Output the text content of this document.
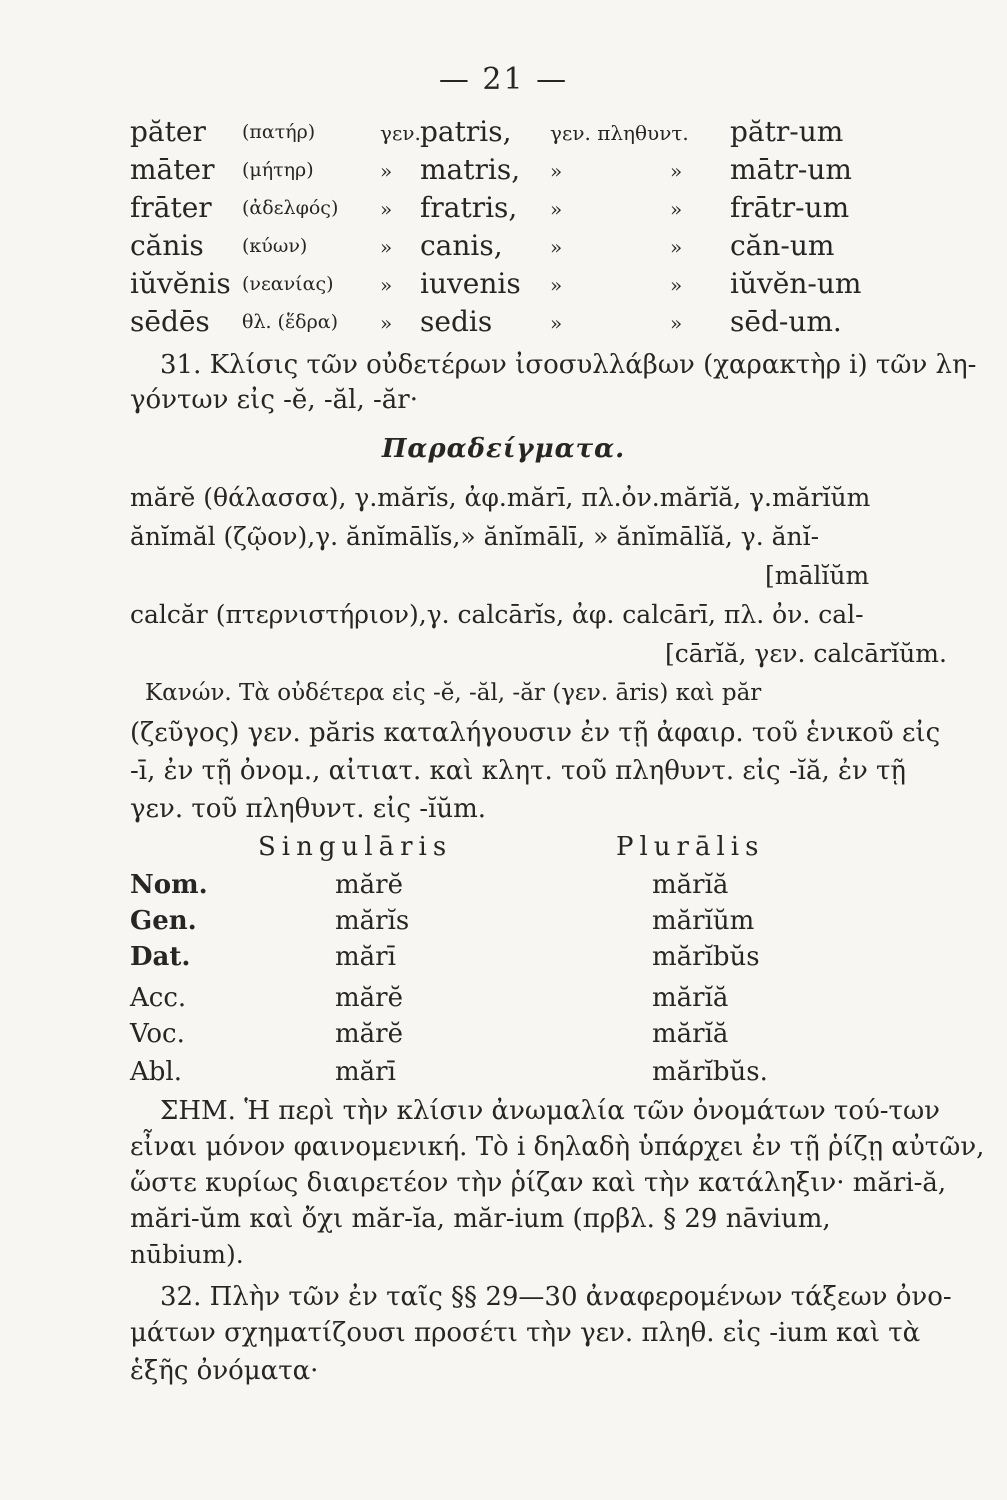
— 21 —
păter (πατήρ)	γεν. patris, γεν. πληθυντ. pătr-um
māter (μήτηρ)	» matris, »	» mātr-um
frāter (ἀδελφός) » fratris, »	» frātr-um
cănis (κύων)	» canis, »	» căn-um
iŭvĕnis (νεανίας) » iuvenis »	» iŭvĕn-um
sēdēs θλ. (ἕδρα) » sedis	»	» sēd-um.
31. Κλίσις τῶν οὐδετέρων ἰσοσυλλάβων (χαρακτὴρ i) τῶν λη-
γόντων εἰς -ĕ, -ăl, -ăr·
Παραδείγματα.
mărĕ (θάλασσα), γ.mărĭs, ἀφ.mărī, πλ.ὀν.mărĭă, γ.mărĭŭm
ănĭmăl (ζῷον),γ. ănĭmālĭs,» ănĭmālī, » ănĭmālĭă, γ. ănĭ-
[mālĭŭm
calcăr (πτερνιστήριον),γ. calcārĭs, ἀφ. calcārī, πλ. ὀν. cal-
[cārĭă, γεν. calcārĭŭm.
Κανών. Τὰ οὐδέτερα εἰς -ĕ, -ăl, -ăr (γεν. āris) καὶ păr
(ζεῦγος) γεν. păris καταλήγουσιν ἐν τῇ ἀφαιρ. τοῦ ἑνικοῦ εἰς
-ī, ἐν τῇ ὀνομ., αἰτιατ. καὶ κλητ. τοῦ πληθυντ. εἰς -ĭă, ἐν τῇ
γεν. τοῦ πληθυντ. εἰς -ĭŭm.
Singulāris	Plurālis
Nom.	mărĕ	mărĭă
Gen.	mărĭs	mărĭŭm
Dat.	mărī	mărĭbŭs
Acc.	mărĕ	mărĭă
Voc.	mărĕ	mărĭă
Abl.	mărī	mărĭbŭs.
ΣΗΜ. Ἡ περὶ τὴν κλίσιν ἀνωμαλία τῶν ὀνομάτων τού-των
εἶναι μόνον φαινομενική. Τὸ i δηλαδὴ ὑπάρχει ἐν τῇ ῥίζῃ αὐτῶν,
ὥστε κυρίως διαιρετέον τὴν ῥίζαν καὶ τὴν κατάληξιν· mări-ă,
mări-ŭm καὶ ὄχι măr-ĭa, măr-ium (πρβλ. § 29 nāvium,
nūbium).
32. Πλὴν τῶν ἐν ταῖς §§ 29—30 ἀναφερομένων τάξεων ὀνο-
μάτων σχηματίζουσι προσέτι τὴν γεν. πληθ. εἰς -ium καὶ τὰ
ἑξῆς ὀνόματα·
